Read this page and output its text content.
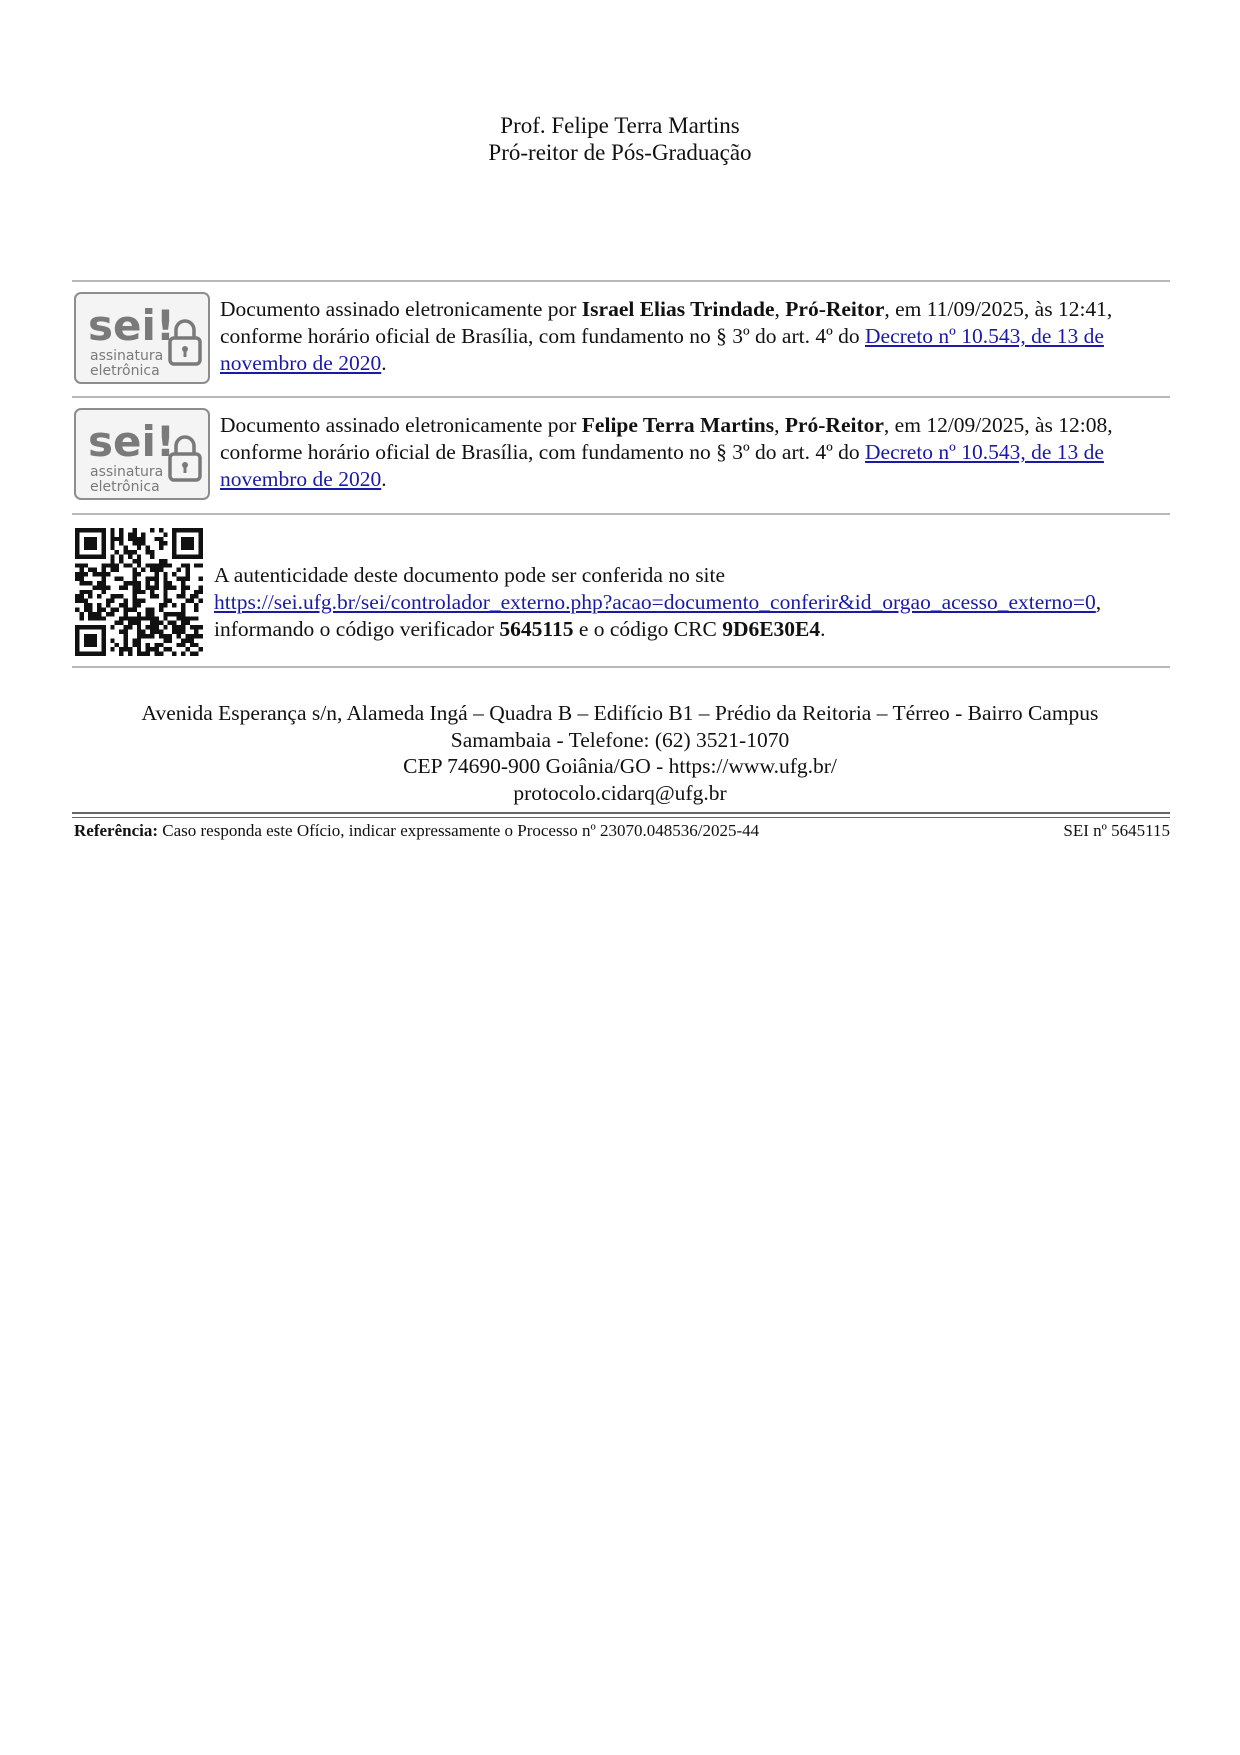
Prof. Felipe Terra Martins
Pró-reitor de Pós-Graduação
sei!
assinatura
eletrônica
Documento assinado eletronicamente por Israel Elias Trindade, Pró-Reitor, em 11/09/2025, às 12:41, conforme horário oficial de Brasília, com fundamento no § 3º do art. 4º do Decreto nº 10.543, de 13 de novembro de 2020.
sei!
assinatura
eletrônica
Documento assinado eletronicamente por Felipe Terra Martins, Pró-Reitor, em 12/09/2025, às 12:08, conforme horário oficial de Brasília, com fundamento no § 3º do art. 4º do Decreto nº 10.543, de 13 de novembro de 2020.
A autenticidade deste documento pode ser conferida no site
https://sei.ufg.br/sei/controlador_externo.php?acao=documento_conferir&id_orgao_acesso_externo=0,
informando o código verificador 5645115 e o código CRC 9D6E30E4.
Avenida Esperança s/n, Alameda Ingá – Quadra B – Edifício B1 – Prédio da Reitoria – Térreo - Bairro Campus
Samambaia - Telefone: (62) 3521-1070
CEP 74690-900 Goiânia/GO - https://www.ufg.br/
protocolo.cidarq@ufg.br
Referência: Caso responda este Ofício, indicar expressamente o Processo nº 23070.048536/2025-44	SEI nº 5645115
